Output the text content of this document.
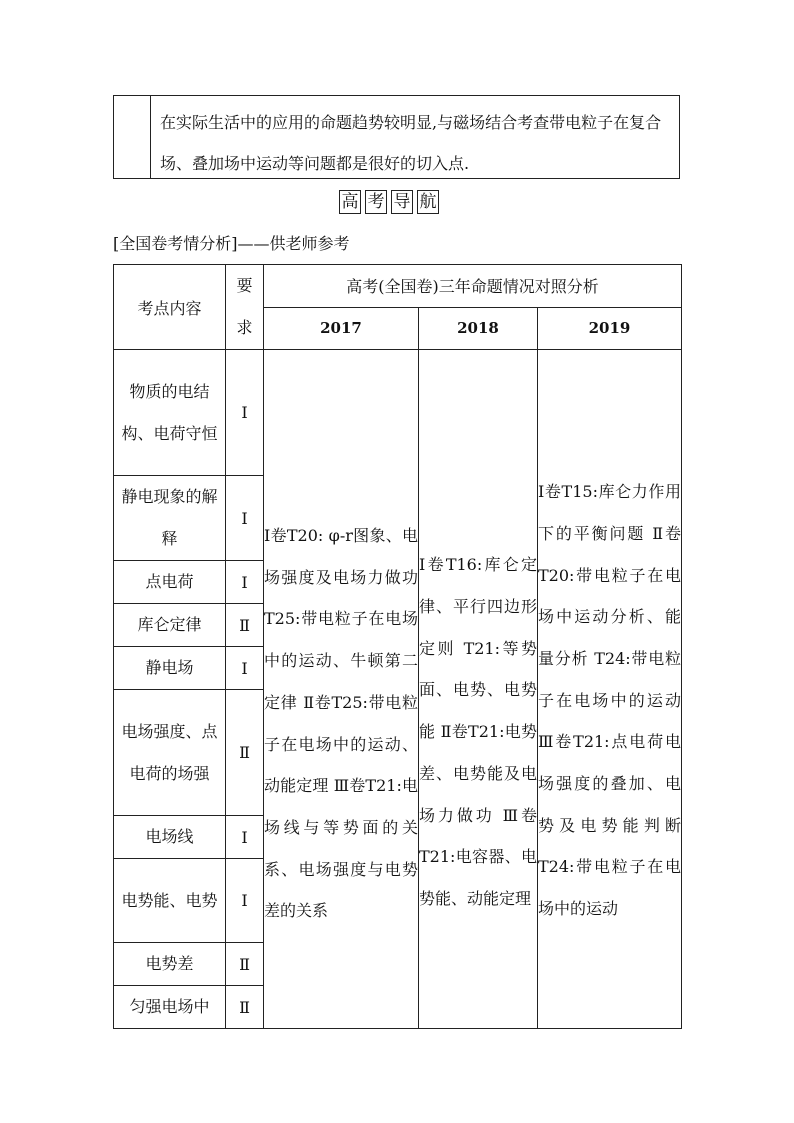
在实际生活中的应用的命题趋势较明显,与磁场结合考查带电粒子在复合场、叠加场中运动等问题都是很好的切入点.
高 考 导 航
[全国卷考情分析]——供老师参考
考点内容	要求	高考(全国卷)三年命题情况对照分析		
		2017	2018	2019
物质的电结构、电荷守恒	Ⅰ	Ⅰ卷T20: φ-r图象、电场强度及电场力做功 T25:带电粒子在电场中的运动、牛顿第二定律 Ⅱ卷T25:带电粒子在电场中的运动、动能定理 Ⅲ卷T21:电场线与等势面的关系、电场强度与电势差的关系	Ⅰ卷T16:库仑定律、平行四边形定则 T21:等势面、电势、电势能 Ⅱ卷T21:电势差、电势能及电场力做功 Ⅲ卷T21:电容器、电势能、动能定理	Ⅰ卷T15:库仑力作用下的平衡问题 Ⅱ卷T20:带电粒子在电场中运动分析、能量分析 T24:带电粒子在电场中的运动 Ⅲ卷T21:点电荷电场强度的叠加、电势及电势能判断 T24:带电粒子在电场中的运动
静电现象的解释	Ⅰ			
点电荷	Ⅰ			
库仑定律	Ⅱ			
静电场	Ⅰ			
电场强度、点电荷的场强	Ⅱ			
电场线	Ⅰ			
电势能、电势	Ⅰ			
电势差	Ⅱ			
匀强电场中	Ⅱ			
